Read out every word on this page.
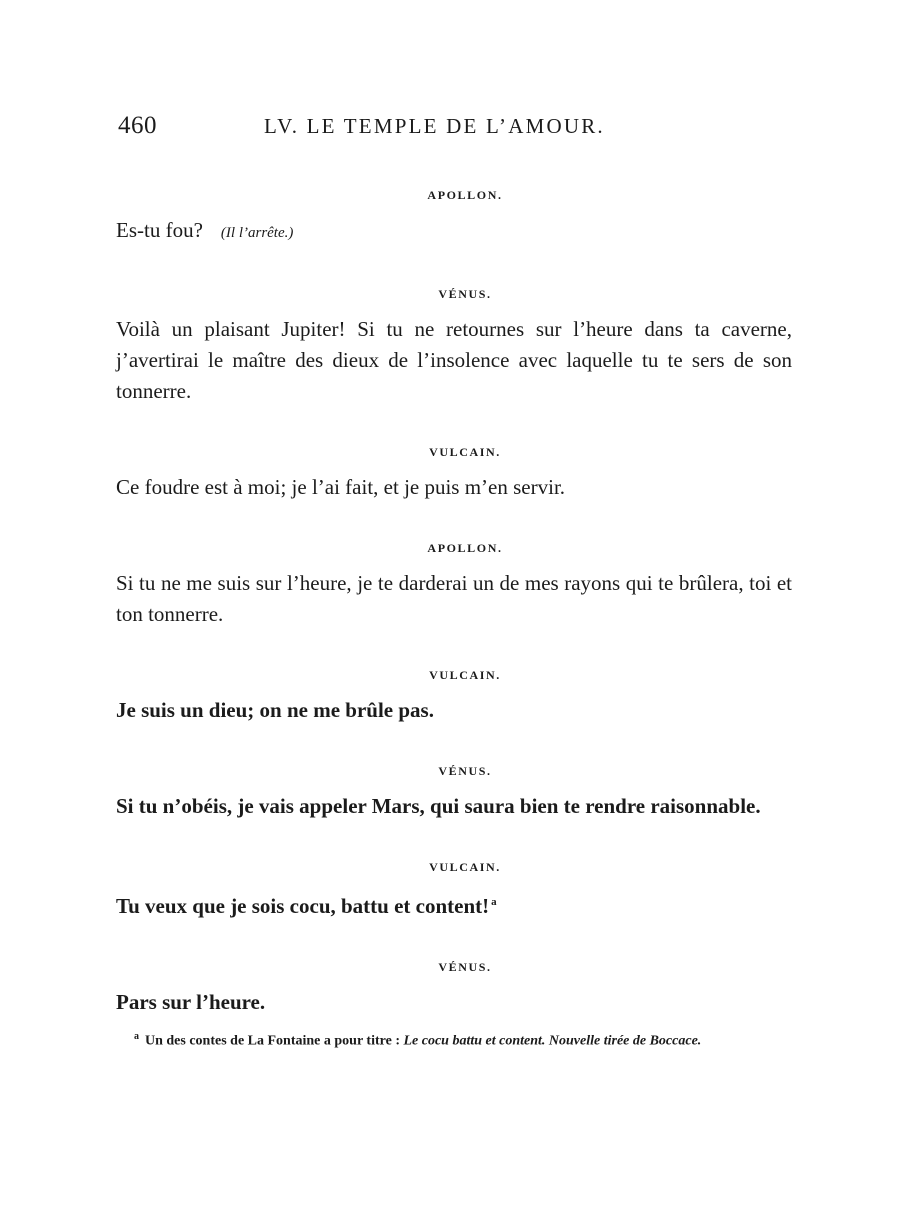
460	LV. LE TEMPLE DE L’AMOUR.
APOLLON.

Es-tu fou? (Il l’arrête.)

VÉNUS.

Voilà un plaisant Jupiter! Si tu ne retournes sur l’heure dans ta caverne, j’avertirai le maître des dieux de l’insolence avec laquelle tu te sers de son tonnerre.

VULCAIN.

Ce foudre est à moi; je l’ai fait, et je puis m’en servir.

APOLLON.

Si tu ne me suis sur l’heure, je te darderai un de mes rayons qui te brûlera, toi et ton tonnerre.

VULCAIN.

Je suis un dieu; on ne me brûle pas.

VÉNUS.

Si tu n’obéis, je vais appeler Mars, qui saura bien te rendre raisonnable.

VULCAIN.

Tu veux que je sois cocu, battu et content! $^a$

VÉNUS.

Pars sur l’heure.

$^a$ Un des contes de La Fontaine a pour titre : Le cocu battu et content. Nouvelle tirée de Boccace.
